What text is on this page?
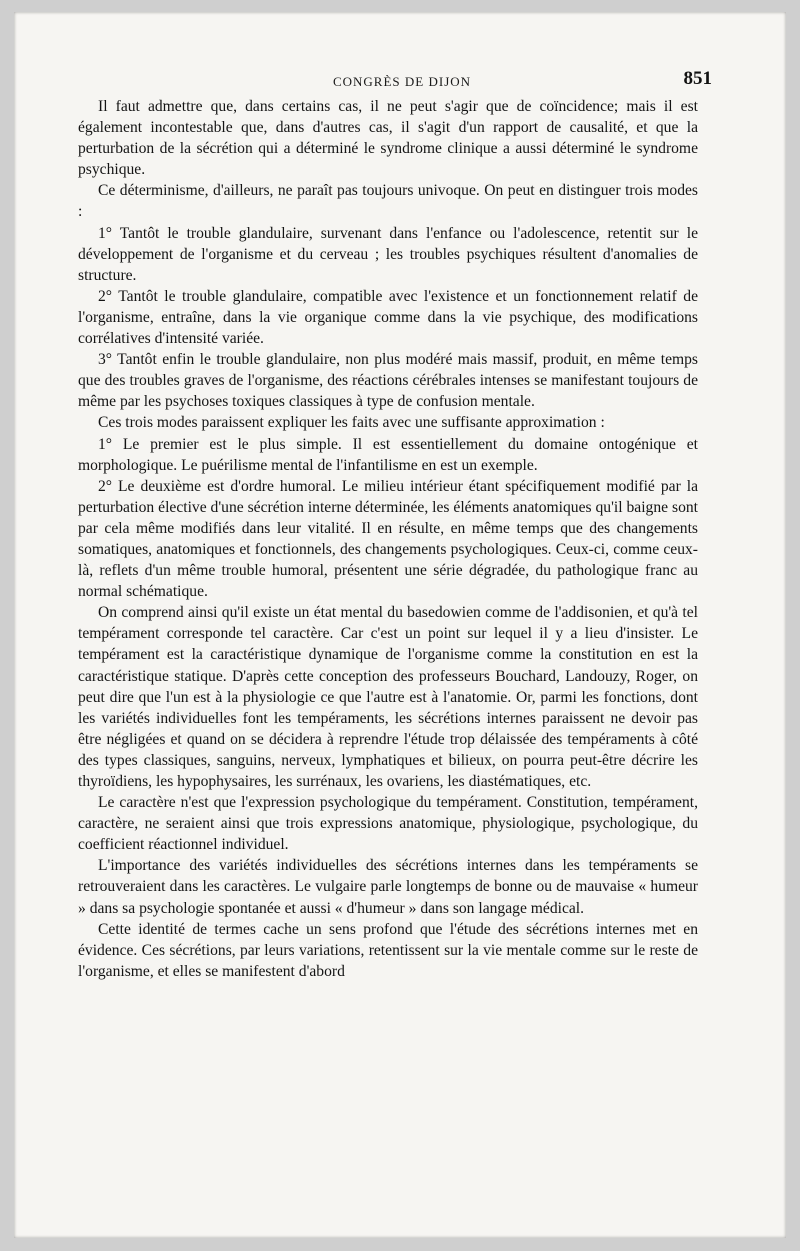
CONGRÈS DE DIJON	851

Il faut admettre que, dans certains cas, il ne peut s'agir que de coïncidence; mais il est également incontestable que, dans d'autres cas, il s'agit d'un rapport de causalité, et que la perturbation de la sécrétion qui a déterminé le syndrome clinique a aussi déterminé le syndrome psychique.

Ce déterminisme, d'ailleurs, ne paraît pas toujours univoque. On peut en distinguer trois modes :

1° Tantôt le trouble glandulaire, survenant dans l'enfance ou l'adolescence, retentit sur le développement de l'organisme et du cerveau ; les troubles psychiques résultent d'anomalies de structure.

2° Tantôt le trouble glandulaire, compatible avec l'existence et un fonctionnement relatif de l'organisme, entraîne, dans la vie organique comme dans la vie psychique, des modifications corrélatives d'intensité variée.

3° Tantôt enfin le trouble glandulaire, non plus modéré mais massif, produit, en même temps que des troubles graves de l'organisme, des réactions cérébrales intenses se manifestant toujours de même par les psychoses toxiques classiques à type de confusion mentale.

Ces trois modes paraissent expliquer les faits avec une suffisante approximation :

1° Le premier est le plus simple. Il est essentiellement du domaine ontogénique et morphologique. Le puérilisme mental de l'infantilisme en est un exemple.

2° Le deuxième est d'ordre humoral. Le milieu intérieur étant spécifiquement modifié par la perturbation élective d'une sécrétion interne déterminée, les éléments anatomiques qu'il baigne sont par cela même modifiés dans leur vitalité. Il en résulte, en même temps que des changements somatiques, anatomiques et fonctionnels, des changements psychologiques. Ceux-ci, comme ceux-là, reflets d'un même trouble humoral, présentent une série dégradée, du pathologique franc au normal schématique.

On comprend ainsi qu'il existe un état mental du basedowien comme de l'addisonien, et qu'à tel tempérament corresponde tel caractère. Car c'est un point sur lequel il y a lieu d'insister. Le tempérament est la caractéristique dynamique de l'organisme comme la constitution en est la caractéristique statique. D'après cette conception des professeurs Bouchard, Landouzy, Roger, on peut dire que l'un est à la physiologie ce que l'autre est à l'anatomie. Or, parmi les fonctions, dont les variétés individuelles font les tempéraments, les sécrétions internes paraissent ne devoir pas être négligées et quand on se décidera à reprendre l'étude trop délaissée des tempéraments à côté des types classiques, sanguins, nerveux, lymphatiques et bilieux, on pourra peut-être décrire les thyroïdiens, les hypophysaires, les surrénaux, les ovariens, les diastématiques, etc.

Le caractère n'est que l'expression psychologique du tempérament. Constitution, tempérament, caractère, ne seraient ainsi que trois expressions anatomique, physiologique, psychologique, du coefficient réactionnel individuel.

L'importance des variétés individuelles des sécrétions internes dans les tempéraments se retrouveraient dans les caractères. Le vulgaire parle longtemps de bonne ou de mauvaise « humeur » dans sa psychologie spontanée et aussi « d'humeur » dans son langage médical.

Cette identité de termes cache un sens profond que l'étude des sécrétions internes met en évidence. Ces sécrétions, par leurs variations, retentissent sur la vie mentale comme sur le reste de l'organisme, et elles se manifestent d'abord
